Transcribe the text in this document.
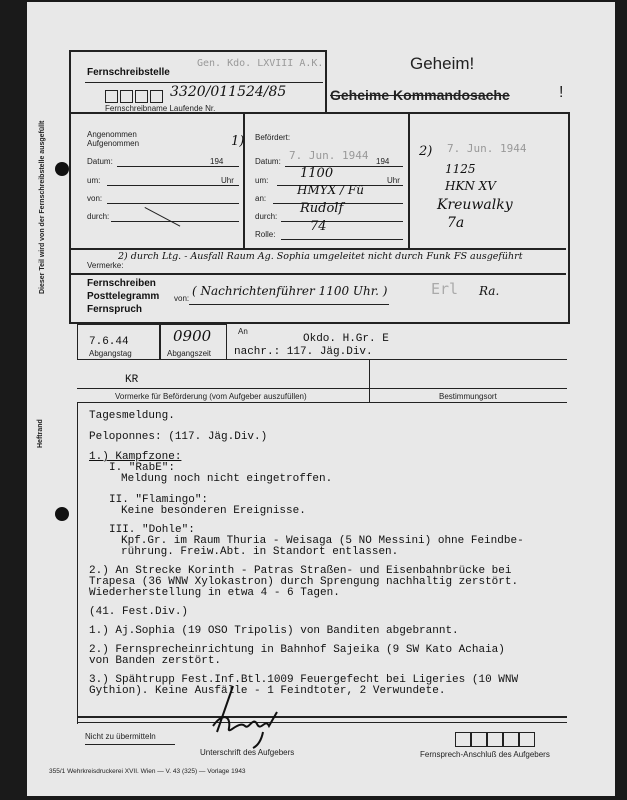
Dieser Teil wird von der Fernschreibstelle ausgefüllt
Heftrand
Fernschreibstelle
Gen. Kdo. LXVIII A.K.
3320/011524/85
Fernschreibname Laufende Nr.
Geheim!
Geheime Kommandosache	!
Angenommen
Aufgenommen
Datum:	194
um:	Uhr
von:
durch:
1) Befördert:
Datum: 7. Jun. 1944 194
um: 1100	Uhr
an:
HMYX / Fü
durch:
Rudolf
Rolle:
74
2) 7. Jun. 1944
1125
HKN XV
Kreuwalky
7a
Vermerke:
2) durch Ltg. - Ausfall Raum Ag. Sophia umgeleitet nicht durch Funk FS ausgeführt
Fernschreiben
Posttelegramm
Fernspruch
von:
( Nachrichtenführer 1100 Uhr. )	Erl Ra.
7.6.44
Abgangstag
0900
Abgangszeit
An
Okdo. H.Gr. E
nachr.: 117. Jäg.Div.
KR
Vormerke für Beförderung (vom Aufgeber auszufüllen)	Bestimmungsort
Tagesmeldung.
Peloponnes: (117. Jäg.Div.)
1.) Kampfzone:
I. "RabE":
Meldung noch nicht eingetroffen.
II. "Flamingo":
Keine besonderen Ereignisse.
III. "Dohle":
Kpf.Gr. im Raum Thuria - Weisaga (5 NO Messini) ohne Feindbe-
rührung. Freiw.Abt. in Standort entlassen.
2.) An Strecke Korinth - Patras Straßen- und Eisenbahnbrücke bei
Trapesa (36 WNW Xylokastron) durch Sprengung nachhaltig zerstört.
Wiederherstellung in etwa 4 - 6 Tagen.
(41. Fest.Div.)
1.) Aj.Sophia (19 OSO Tripolis) von Banditen abgebrannt.
2.) Fernsprecheinrichtung in Bahnhof Sajeika (9 SW Kato Achaia)
von Banden zerstört.
3.) Spähtrupp Fest.Inf.Btl.1009 Feuergefecht bei Ligeries (10 WNW
Gythion). Keine Ausfälle - 1 Feindtoter, 2 Verwundete.
Nicht zu übermitteln
Unterschrift des Aufgebers	Fernsprech-Anschluß des Aufgebers
355/1 Wehrkreisdruckerei XVII. Wien — V. 43 (325) — Vorlage 1943
